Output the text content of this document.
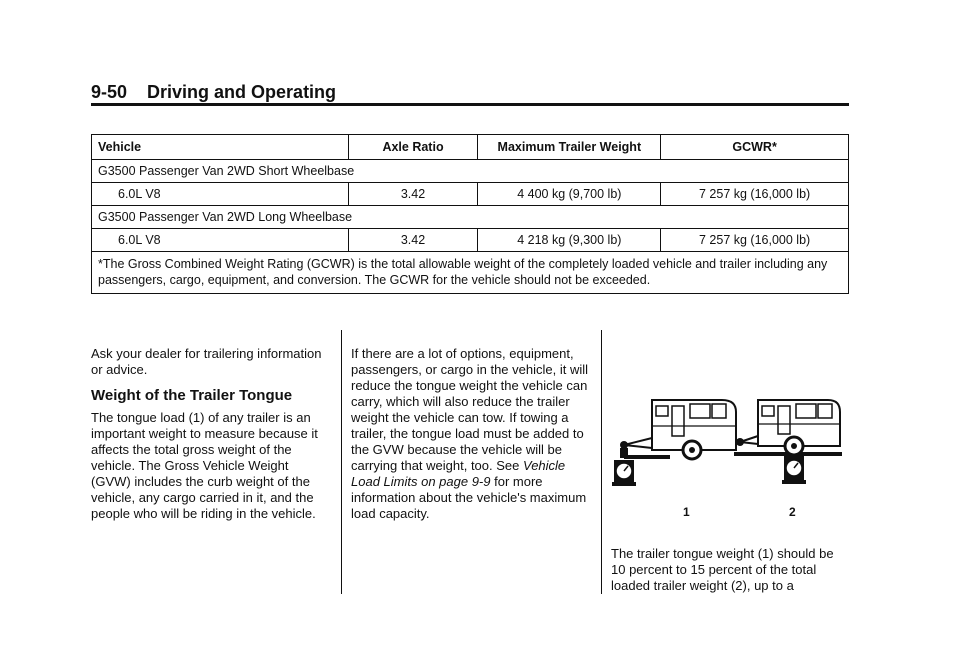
9-50 Driving and Operating
Vehicle	Axle Ratio	Maximum Trailer Weight	GCWR*
G3500 Passenger Van 2WD Short Wheelbase			
6.0L V8	3.42	4 400 kg (9,700 lb)	7 257 kg (16,000 lb)
G3500 Passenger Van 2WD Long Wheelbase			
6.0L V8	3.42	4 218 kg (9,300 lb)	7 257 kg (16,000 lb)
*The Gross Combined Weight Rating (GCWR) is the total allowable weight of the completely loaded vehicle and trailer including any passengers, cargo, equipment, and conversion. The GCWR for the vehicle should not be exceeded.			

Ask your dealer for trailering information or advice.

Weight of the Trailer Tongue

The tongue load (1) of any trailer is an important weight to measure because it affects the total gross weight of the vehicle. The Gross Vehicle Weight (GVW) includes the curb weight of the vehicle, any cargo carried in it, and the people who will be riding in the vehicle.

If there are a lot of options, equipment, passengers, or cargo in the vehicle, it will reduce the tongue weight the vehicle can carry, which will also reduce the trailer weight the vehicle can tow. If towing a trailer, the tongue load must be added to the GVW because the vehicle will be carrying that weight, too. See Vehicle Load Limits on page 9-9 for more information about the vehicle's maximum load capacity.	1	2

The trailer tongue weight (1) should be 10 percent to 15 percent of the total loaded trailer weight (2), up to a
